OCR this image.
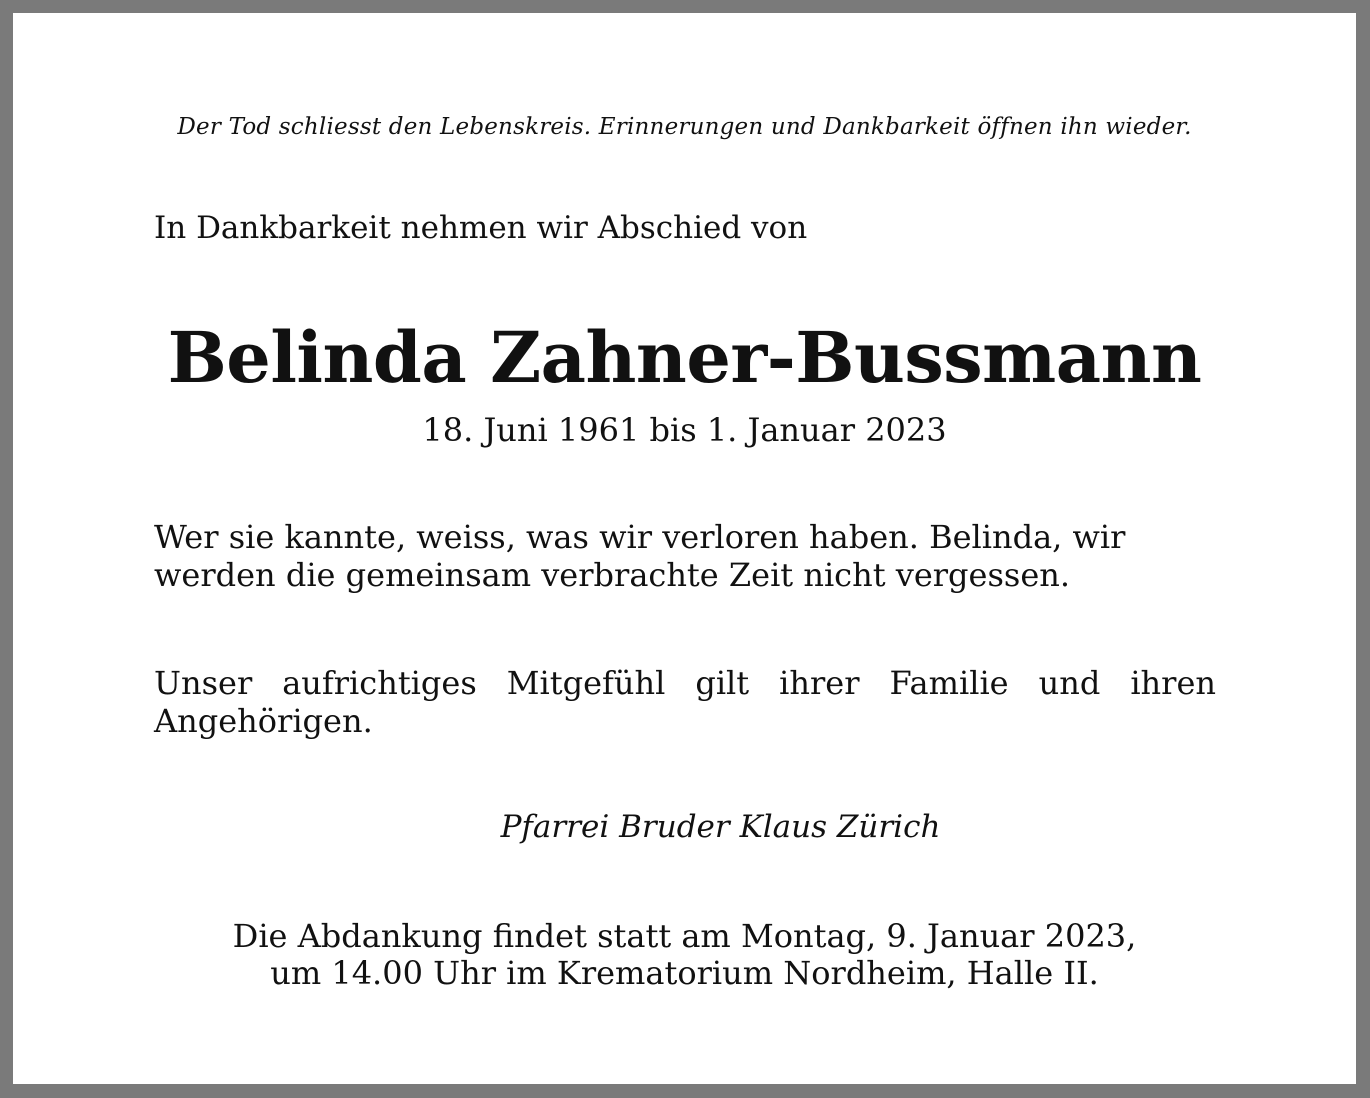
Der Tod schliesst den Lebenskreis. Erinnerungen und Dankbarkeit öffnen ihn wieder.
In Dankbarkeit nehmen wir Abschied von
Belinda Zahner-Bussmann
18. Juni 1961 bis 1. Januar 2023
Wer sie kannte, weiss, was wir verloren haben. Belinda, wir werden die gemeinsam verbrachte Zeit nicht vergessen.
Unser aufrichtiges Mitgefühl gilt ihrer Familie und ihren Angehörigen.
Pfarrei Bruder Klaus Zürich
Die Abdankung findet statt am Montag, 9. Januar 2023,
um 14.00 Uhr im Krematorium Nordheim, Halle II.
